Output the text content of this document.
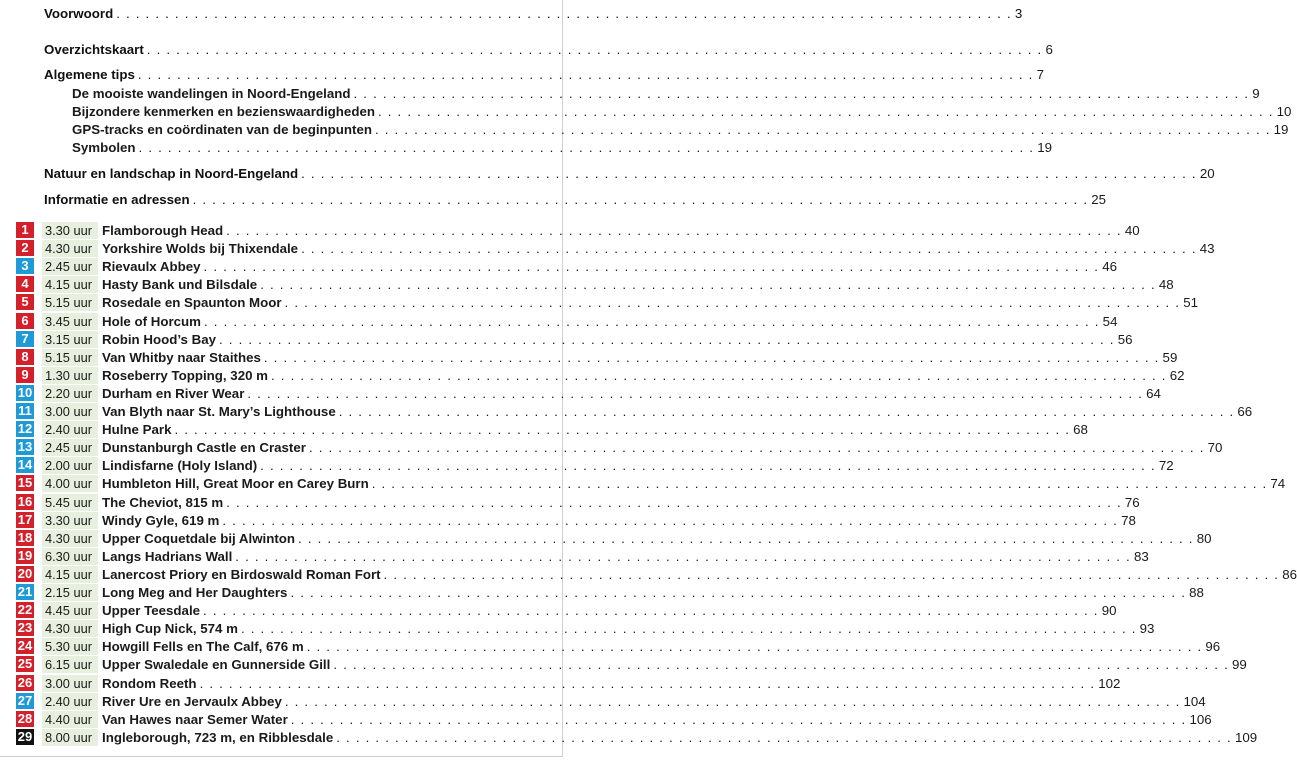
Voorwoord . . . . . . . . . . . . . . . . . . . . . . . . . . . . . . . . . . . . . . . . . . . . . . . . . . . . . . . . . . . . . . . . . . . . . . . . . . . . . . . . . . . . . . . . . . . . 3
Overzichtskaart . . . . . . . . . . . . . . . . . . . . . . . . . . . . . . . . . . . . . . . . . . . . . . . . . . . . . . . . . . . . . . . . . . . . . . . . . . . . . . . . . . . . . . . . . . . . 6
Algemene tips . . . . . . . . . . . . . . . . . . . . . . . . . . . . . . . . . . . . . . . . . . . . . . . . . . . . . . . . . . . . . . . . . . . . . . . . . . . . . . . . . . . . . . . . . . . . 7
De mooiste wandelingen in Noord-Engeland . . . . . . . . . . . . . . . . . . . . . . . . . . . . . . . . . . . . . . . . . . . . . . . . . . . . . . . . . . . . . . . . . . . . . . . . . . . . . . . . . . . . . . . . . . . . 9
Bijzondere kenmerken en bezienswaardigheden . . . . . . . . . . . . . . . . . . . . . . . . . . . . . . . . . . . . . . . . . . . . . . . . . . . . . . . . . . . . . . . . . . . . . . . . . . . . . . . . . . . . . . . . . . . . 10
GPS-tracks en coördinaten van de beginpunten . . . . . . . . . . . . . . . . . . . . . . . . . . . . . . . . . . . . . . . . . . . . . . . . . . . . . . . . . . . . . . . . . . . . . . . . . . . . . . . . . . . . . . . . . . . . 19
Symbolen . . . . . . . . . . . . . . . . . . . . . . . . . . . . . . . . . . . . . . . . . . . . . . . . . . . . . . . . . . . . . . . . . . . . . . . . . . . . . . . . . . . . . . . . . . . . 19
Natuur en landschap in Noord-Engeland . . . . . . . . . . . . . . . . . . . . . . . . . . . . . . . . . . . . . . . . . . . . . . . . . . . . . . . . . . . . . . . . . . . . . . . . . . . . . . . . . . . . . . . . . . . . 20
Informatie en adressen . . . . . . . . . . . . . . . . . . . . . . . . . . . . . . . . . . . . . . . . . . . . . . . . . . . . . . . . . . . . . . . . . . . . . . . . . . . . . . . . . . . . . . . . . . . . 25
1	3.30 uur Flamborough Head . . . . . . . . . . . . . . . . . . . . . . . . . . . . . . . . . . . . . . . . . . . . . . . . . . . . . . . . . . . . . . . . . . . . . . . . . . . . . . . . . . . . . . . . . . . . 40
2	4.30 uur Yorkshire Wolds bij Thixendale . . . . . . . . . . . . . . . . . . . . . . . . . . . . . . . . . . . . . . . . . . . . . . . . . . . . . . . . . . . . . . . . . . . . . . . . . . . . . . . . . . . . . . . . . . . . 43
3	2.45 uur Rievaulx Abbey . . . . . . . . . . . . . . . . . . . . . . . . . . . . . . . . . . . . . . . . . . . . . . . . . . . . . . . . . . . . . . . . . . . . . . . . . . . . . . . . . . . . . . . . . . . . 46
4	4.15 uur Hasty Bank und Bilsdale . . . . . . . . . . . . . . . . . . . . . . . . . . . . . . . . . . . . . . . . . . . . . . . . . . . . . . . . . . . . . . . . . . . . . . . . . . . . . . . . . . . . . . . . . . . . 48
5	5.15 uur Rosedale en Spaunton Moor . . . . . . . . . . . . . . . . . . . . . . . . . . . . . . . . . . . . . . . . . . . . . . . . . . . . . . . . . . . . . . . . . . . . . . . . . . . . . . . . . . . . . . . . . . . . 51
6	3.45 uur Hole of Horcum . . . . . . . . . . . . . . . . . . . . . . . . . . . . . . . . . . . . . . . . . . . . . . . . . . . . . . . . . . . . . . . . . . . . . . . . . . . . . . . . . . . . . . . . . . . . 54
7	3.15 uur Robin Hood’s Bay . . . . . . . . . . . . . . . . . . . . . . . . . . . . . . . . . . . . . . . . . . . . . . . . . . . . . . . . . . . . . . . . . . . . . . . . . . . . . . . . . . . . . . . . . . . . 56
8	5.15 uur Van Whitby naar Staithes . . . . . . . . . . . . . . . . . . . . . . . . . . . . . . . . . . . . . . . . . . . . . . . . . . . . . . . . . . . . . . . . . . . . . . . . . . . . . . . . . . . . . . . . . . . . 59
9	1.30 uur Roseberry Topping, 320 m . . . . . . . . . . . . . . . . . . . . . . . . . . . . . . . . . . . . . . . . . . . . . . . . . . . . . . . . . . . . . . . . . . . . . . . . . . . . . . . . . . . . . . . . . . . . 62
10 2.20 uur Durham en River Wear . . . . . . . . . . . . . . . . . . . . . . . . . . . . . . . . . . . . . . . . . . . . . . . . . . . . . . . . . . . . . . . . . . . . . . . . . . . . . . . . . . . . . . . . . . . . 64
11 3.00 uur Van Blyth naar St. Mary’s Lighthouse . . . . . . . . . . . . . . . . . . . . . . . . . . . . . . . . . . . . . . . . . . . . . . . . . . . . . . . . . . . . . . . . . . . . . . . . . . . . . . . . . . . . . . . . . . . . 66
12 2.40 uur Hulne Park . . . . . . . . . . . . . . . . . . . . . . . . . . . . . . . . . . . . . . . . . . . . . . . . . . . . . . . . . . . . . . . . . . . . . . . . . . . . . . . . . . . . . . . . . . . . 68
13 2.45 uur Dunstanburgh Castle en Craster . . . . . . . . . . . . . . . . . . . . . . . . . . . . . . . . . . . . . . . . . . . . . . . . . . . . . . . . . . . . . . . . . . . . . . . . . . . . . . . . . . . . . . . . . . . . 70
14 2.00 uur Lindisfarne (Holy Island) . . . . . . . . . . . . . . . . . . . . . . . . . . . . . . . . . . . . . . . . . . . . . . . . . . . . . . . . . . . . . . . . . . . . . . . . . . . . . . . . . . . . . . . . . . . . 72
15 4.00 uur Humbleton Hill, Great Moor en Carey Burn . . . . . . . . . . . . . . . . . . . . . . . . . . . . . . . . . . . . . . . . . . . . . . . . . . . . . . . . . . . . . . . . . . . . . . . . . . . . . . . . . . . . . . . . . . . . 74
16 5.45 uur The Cheviot, 815 m . . . . . . . . . . . . . . . . . . . . . . . . . . . . . . . . . . . . . . . . . . . . . . . . . . . . . . . . . . . . . . . . . . . . . . . . . . . . . . . . . . . . . . . . . . . . 76
17 3.30 uur Windy Gyle, 619 m . . . . . . . . . . . . . . . . . . . . . . . . . . . . . . . . . . . . . . . . . . . . . . . . . . . . . . . . . . . . . . . . . . . . . . . . . . . . . . . . . . . . . . . . . . . . 78
18 4.30 uur Upper Coquetdale bij Alwinton . . . . . . . . . . . . . . . . . . . . . . . . . . . . . . . . . . . . . . . . . . . . . . . . . . . . . . . . . . . . . . . . . . . . . . . . . . . . . . . . . . . . . . . . . . . . 80
19 6.30 uur Langs Hadrians Wall . . . . . . . . . . . . . . . . . . . . . . . . . . . . . . . . . . . . . . . . . . . . . . . . . . . . . . . . . . . . . . . . . . . . . . . . . . . . . . . . . . . . . . . . . . . . 83
20 4.15 uur Lanercost Priory en Birdoswald Roman Fort . . . . . . . . . . . . . . . . . . . . . . . . . . . . . . . . . . . . . . . . . . . . . . . . . . . . . . . . . . . . . . . . . . . . . . . . . . . . . . . . . . . . . . . . . . . . 86
21 2.15 uur Long Meg and Her Daughters . . . . . . . . . . . . . . . . . . . . . . . . . . . . . . . . . . . . . . . . . . . . . . . . . . . . . . . . . . . . . . . . . . . . . . . . . . . . . . . . . . . . . . . . . . . . 88
22 4.45 uur Upper Teesdale . . . . . . . . . . . . . . . . . . . . . . . . . . . . . . . . . . . . . . . . . . . . . . . . . . . . . . . . . . . . . . . . . . . . . . . . . . . . . . . . . . . . . . . . . . . . 90
23 4.30 uur High Cup Nick, 574 m . . . . . . . . . . . . . . . . . . . . . . . . . . . . . . . . . . . . . . . . . . . . . . . . . . . . . . . . . . . . . . . . . . . . . . . . . . . . . . . . . . . . . . . . . . . . 93
24 5.30 uur Howgill Fells en The Calf, 676 m . . . . . . . . . . . . . . . . . . . . . . . . . . . . . . . . . . . . . . . . . . . . . . . . . . . . . . . . . . . . . . . . . . . . . . . . . . . . . . . . . . . . . . . . . . . . 96
25 6.15 uur Upper Swaledale en Gunnerside Gill . . . . . . . . . . . . . . . . . . . . . . . . . . . . . . . . . . . . . . . . . . . . . . . . . . . . . . . . . . . . . . . . . . . . . . . . . . . . . . . . . . . . . . . . . . . . 99
26 3.00 uur Rondom Reeth . . . . . . . . . . . . . . . . . . . . . . . . . . . . . . . . . . . . . . . . . . . . . . . . . . . . . . . . . . . . . . . . . . . . . . . . . . . . . . . . . . . . . . . . . . . . 102
27 2.40 uur River Ure en Jervaulx Abbey . . . . . . . . . . . . . . . . . . . . . . . . . . . . . . . . . . . . . . . . . . . . . . . . . . . . . . . . . . . . . . . . . . . . . . . . . . . . . . . . . . . . . . . . . . . . 104
28 4.40 uur Van Hawes naar Semer Water . . . . . . . . . . . . . . . . . . . . . . . . . . . . . . . . . . . . . . . . . . . . . . . . . . . . . . . . . . . . . . . . . . . . . . . . . . . . . . . . . . . . . . . . . . . . 106
29 8.00 uur Ingleborough, 723 m, en Ribblesdale . . . . . . . . . . . . . . . . . . . . . . . . . . . . . . . . . . . . . . . . . . . . . . . . . . . . . . . . . . . . . . . . . . . . . . . . . . . . . . . . . . . . . . . . . . . . 109
